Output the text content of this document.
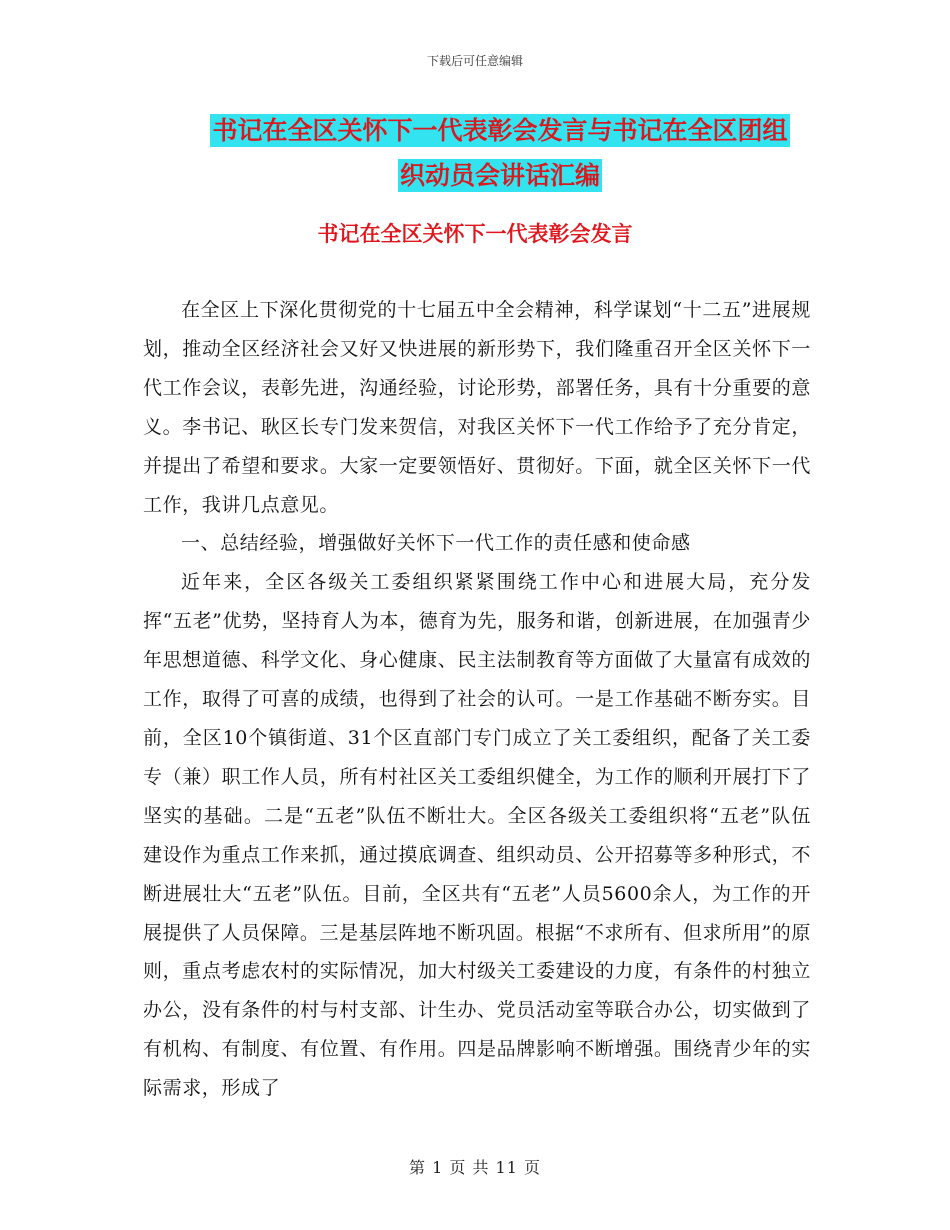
下载后可任意编辑
书记在全区关怀下一代表彰会发言与书记在全区团组
织动员会讲话汇编
书记在全区关怀下一代表彰会发言

在全区上下深化贯彻党的十七届五中全会精神，科学谋划“十二五”进展规划，推动全区经济社会又好又快进展的新形势下，我们隆重召开全区关怀下一代工作会议，表彰先进，沟通经验，讨论形势，部署任务，具有十分重要的意义。李书记、耿区长专门发来贺信，对我区关怀下一代工作给予了充分肯定，并提出了希望和要求。大家一定要领悟好、贯彻好。下面，就全区关怀下一代工作，我讲几点意见。

一、总结经验，增强做好关怀下一代工作的责任感和使命感

近年来，全区各级关工委组织紧紧围绕工作中心和进展大局，充分发挥“五老”优势，坚持育人为本，德育为先，服务和谐，创新进展，在加强青少年思想道德、科学文化、身心健康、民主法制教育等方面做了大量富有成效的工作，取得了可喜的成绩，也得到了社会的认可。一是工作基础不断夯实。目前，全区10个镇街道、31个区直部门专门成立了关工委组织，配备了关工委专（兼）职工作人员，所有村社区关工委组织健全，为工作的顺利开展打下了坚实的基础。二是“五老”队伍不断壮大。全区各级关工委组织将“五老”队伍建设作为重点工作来抓，通过摸底调查、组织动员、公开招募等多种形式，不断进展壮大“五老”队伍。目前，全区共有“五老”人员5600余人，为工作的开展提供了人员保障。三是基层阵地不断巩固。根据“不求所有、但求所用”的原则，重点考虑农村的实际情况，加大村级关工委建设的力度，有条件的村独立办公，没有条件的村与村支部、计生办、党员活动室等联合办公，切实做到了有机构、有制度、有位置、有作用。四是品牌影响不断增强。围绕青少年的实际需求，形成了

第 1 页 共 11 页
